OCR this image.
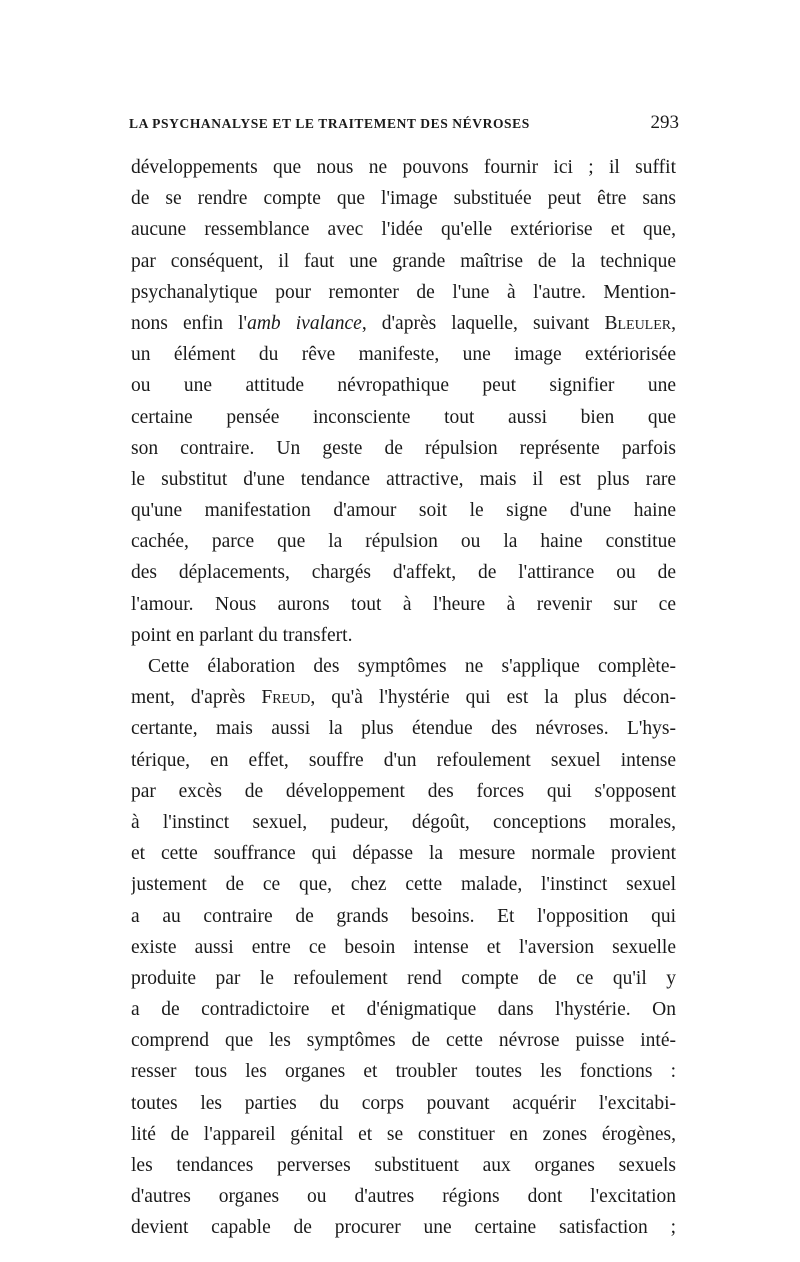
LA PSYCHANALYSE ET LE TRAITEMENT DES NÉVROSES	293
développements que nous ne pouvons fournir ici ; il suffit
de se rendre compte que l'image substituée peut être sans
aucune ressemblance avec l'idée qu'elle extériorise et que,
par conséquent, il faut une grande maîtrise de la technique
psychanalytique pour remonter de l'une à l'autre. Mention-
nons enfin l'amb ivalance, d'après laquelle, suivant Bleuler,
un élément du rêve manifeste, une image extériorisée
ou une attitude névropathique peut signifier une
certaine pensée inconsciente tout aussi bien que
son contraire. Un geste de répulsion représente parfois
le substitut d'une tendance attractive, mais il est plus rare
qu'une manifestation d'amour soit le signe d'une haine
cachée, parce que la répulsion ou la haine constitue
des déplacements, chargés d'affekt, de l'attirance ou de
l'amour. Nous aurons tout à l'heure à revenir sur ce
point en parlant du transfert.
Cette élaboration des symptômes ne s'applique complète-
ment, d'après Freud, qu'à l'hystérie qui est la plus décon-
certante, mais aussi la plus étendue des névroses. L'hys-
térique, en effet, souffre d'un refoulement sexuel intense
par excès de développement des forces qui s'opposent
à l'instinct sexuel, pudeur, dégoût, conceptions morales,
et cette souffrance qui dépasse la mesure normale provient
justement de ce que, chez cette malade, l'instinct sexuel
a au contraire de grands besoins. Et l'opposition qui
existe aussi entre ce besoin intense et l'aversion sexuelle
produite par le refoulement rend compte de ce qu'il y
a de contradictoire et d'énigmatique dans l'hystérie. On
comprend que les symptômes de cette névrose puisse inté-
resser tous les organes et troubler toutes les fonctions :
toutes les parties du corps pouvant acquérir l'excitabi-
lité de l'appareil génital et se constituer en zones érogènes,
les tendances perverses substituent aux organes sexuels
d'autres organes ou d'autres régions dont l'excitation
devient capable de procurer une certaine satisfaction ;
